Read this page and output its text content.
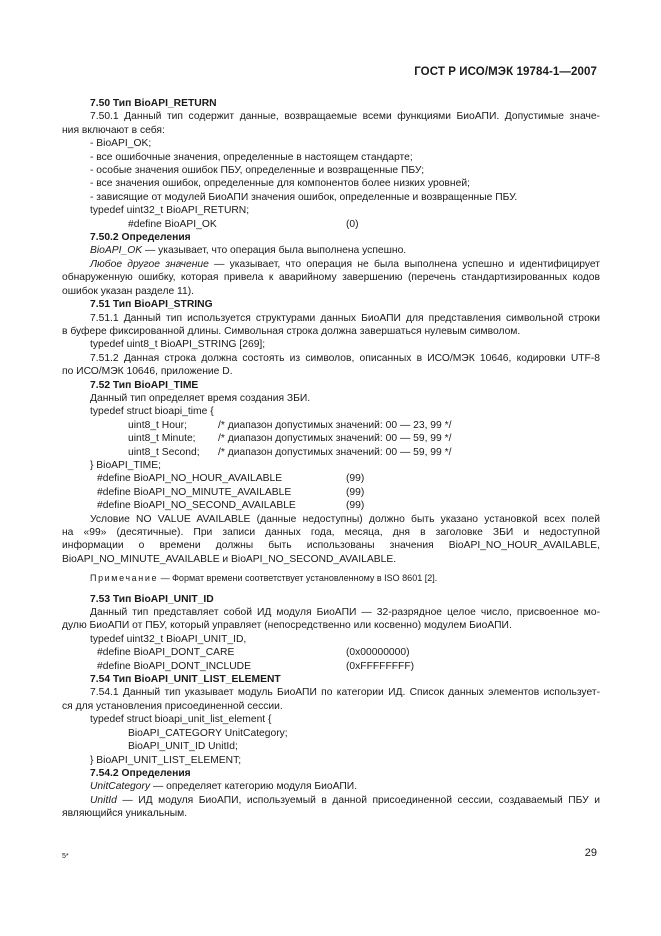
ГОСТ Р ИСО/МЭК 19784-1—2007

7.50 Тип BioAPI_RETURN

7.50.1 Данный тип содержит данные, возвращаемые всеми функциями БиоАПИ. Допустимые значе-

ния включают в себя:

- BioAPI_OK;

- все ошибочные значения, определенные в настоящем стандарте;

- особые значения ошибок ПБУ, определенные и возвращенные ПБУ;

- все значения ошибок, определенные для компонентов более низких уровней;

- зависящие от модулей БиоАПИ значения ошибок, определенные и возвращенные ПБУ.

typedef uint32_t BioAPI_RETURN;

#define BioAPI_OK	(0)

7.50.2 Определения

BioAPI_OK — указывает, что операция была выполнена успешно.

Любое другое значение — указывает, что операция не была выполнена успешно и идентифицирует

обнаруженную ошибку, которая привела к аварийному завершению (перечень стандартизированных кодов

ошибок указан разделе 11).

7.51 Тип BioAPI_STRING

7.51.1 Данный тип используется структурами данных БиоАПИ для представления символьной строки

в буфере фиксированной длины. Символьная строка должна завершаться нулевым символом.

typedef uint8_t BioAPI_STRING [269];

7.51.2 Данная строка должна состоять из символов, описанных в ИСО/МЭК 10646, кодировки UTF-8

по ИСО/МЭК 10646, приложение D.

7.52 Тип BioAPI_TIME

Данный тип определяет время создания ЗБИ.

typedef struct bioapi_time {

uint8_t Hour;	/* диапазон допустимых значений: 00 — 23, 99 */
uint8_t Minute;	/* диапазон допустимых значений: 00 — 59, 99 */
uint8_t Second;	/* диапазон допустимых значений: 00 — 59, 99 */

} BioAPI_TIME;

#define BioAPI_NO_HOUR_AVAILABLE	(99)
#define BioAPI_NO_MINUTE_AVAILABLE	(99)
#define BioAPI_NO_SECOND_AVAILABLE	(99)

Условие NO VALUE AVAILABLE (данные недоступны) должно быть указано установкой всех полей

на «99» (десятичные). При записи данных года, месяца, дня в заголовке ЗБИ и недоступной

информации о времени должны быть использованы значения BioAPI_NO_HOUR_AVAILABLE,

BioAPI_NO_MINUTE_AVAILABLE и BioAPI_NO_SECOND_AVAILABLE.

Примечание — Формат времени соответствует установленному в ISO 8601 [2].

7.53 Тип BioAPI_UNIT_ID

Данный тип представляет собой ИД модуля БиоАПИ — 32-разрядное целое число, присвоенное мо-

дулю БиоАПИ от ПБУ, который управляет (непосредственно или косвенно) модулем БиоАПИ.

typedef uint32_t BioAPI_UNIT_ID,

#define BioAPI_DONT_CARE	(0x00000000)
#define BioAPI_DONT_INCLUDE	(0xFFFFFFFF)

7.54 Тип BioAPI_UNIT_LIST_ELEMENT

7.54.1 Данный тип указывает модуль БиоАПИ по категории ИД. Список данных элементов использует-

ся для установления присоединенной сессии.

typedef struct bioapi_unit_list_element {

BioAPI_CATEGORY UnitCategory;

BioAPI_UNIT_ID UnitId;

} BioAPI_UNIT_LIST_ELEMENT;

7.54.2 Определения

UnitCategory — определяет категорию модуля БиоАПИ.

UnitId — ИД модуля БиоАПИ, используемый в данной присоединенной сессии, создаваемый ПБУ и

являющийся уникальным.

5*	29
